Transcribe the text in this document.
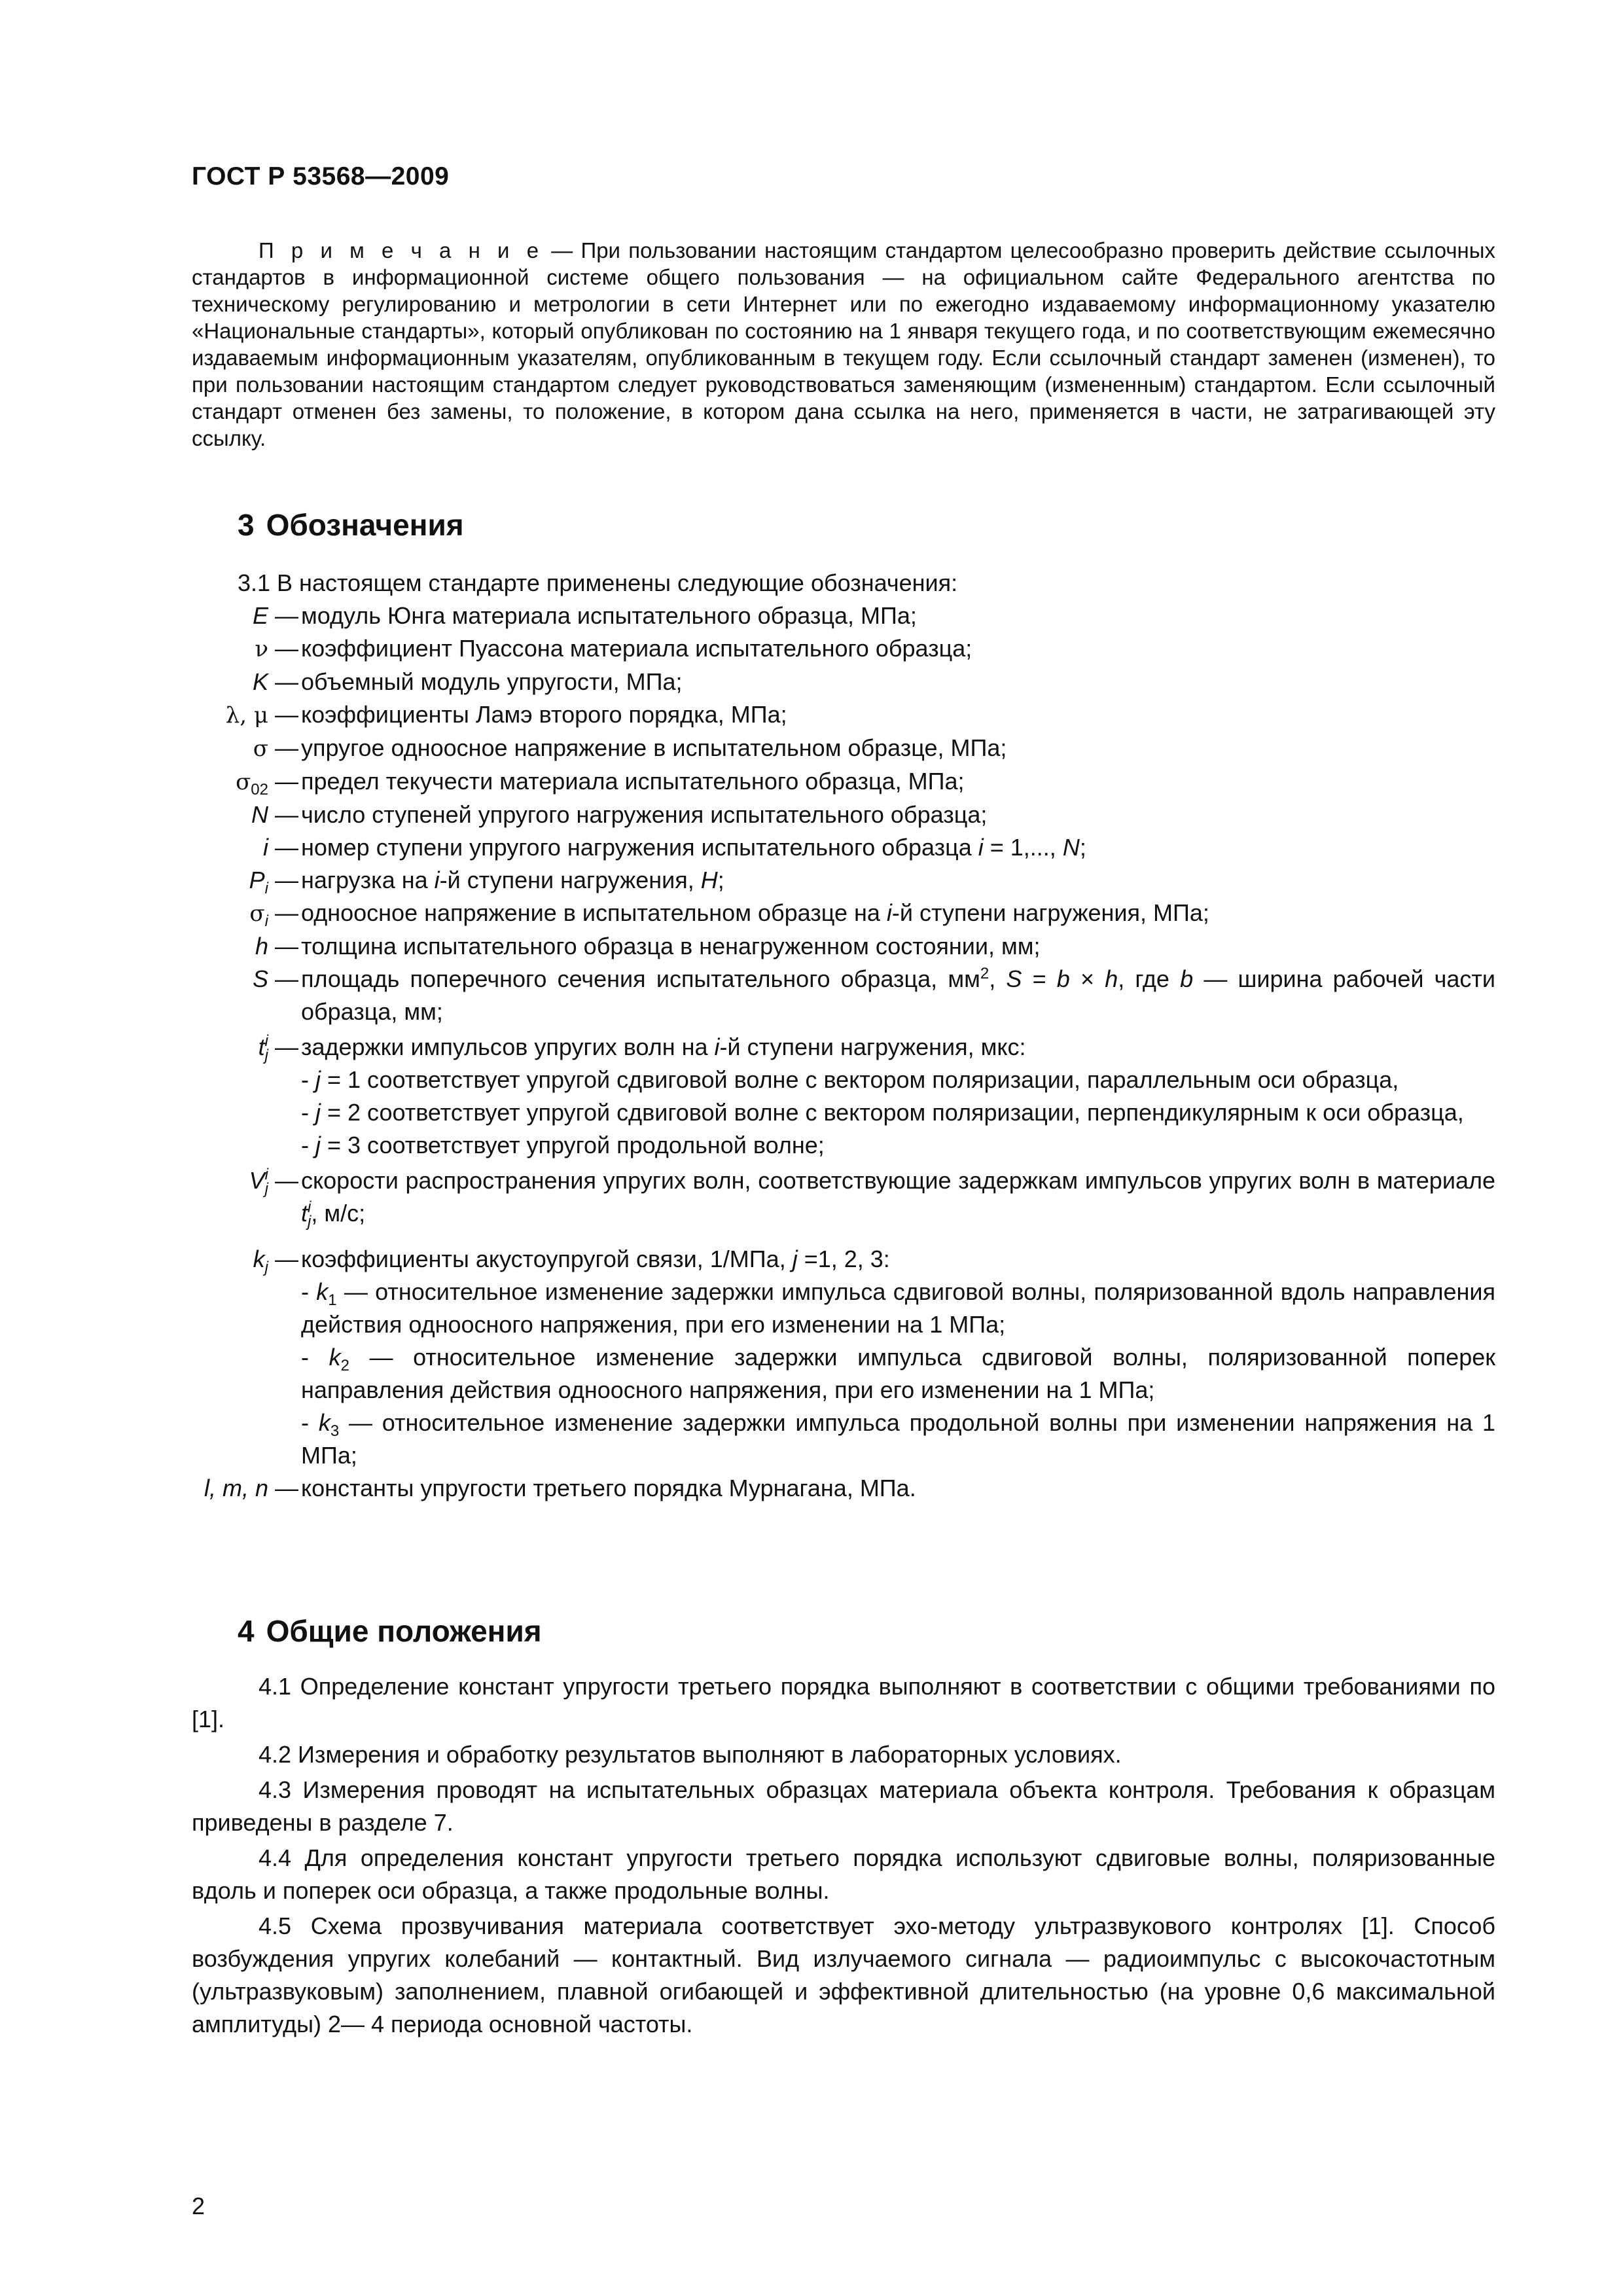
ГОСТ Р 53568—2009
П р и м е ч а н и е — При пользовании настоящим стандартом целесообразно проверить действие ссылочных стандартов в информационной системе общего пользования — на официальном сайте Федерального агентства по техническому регулированию и метрологии в сети Интернет или по ежегодно издаваемому информационному указателю «Национальные стандарты», который опубликован по состоянию на 1 января текущего года, и по соответствующим ежемесячно издаваемым информационным указателям, опубликованным в текущем году. Если ссылочный стандарт заменен (изменен), то при пользовании настоящим стандартом следует руководствоваться заменяющим (измененным) стандартом. Если ссылочный стандарт отменен без замены, то положение, в котором дана ссылка на него, применяется в части, не затрагивающей эту ссылку.
3 Обозначения
3.1 В настоящем стандарте применены следующие обозначения:
E — модуль Юнга материала испытательного образца, МПа;
ν — коэффициент Пуассона материала испытательного образца;
K — объемный модуль упругости, МПа;
λ, μ — коэффициенты Ламэ второго порядка, МПа;
σ — упругое одноосное напряжение в испытательном образце, МПа;
$\sigma_{02}$ — предел текучести материала испытательного образца, МПа;
N — число ступеней упругого нагружения испытательного образца;
i — номер ступени упругого нагружения испытательного образца i = 1,..., N;
$P_i$ — нагрузка на i-й ступени нагружения, Н;
$\sigma_i$ — одноосное напряжение в испытательном образце на i-й ступени нагружения, МПа;
h — толщина испытательного образца в ненагруженном состоянии, мм;
S — площадь поперечного сечения испытательного образца, $мм^2$, S = b × h, где b — ширина рабочей части образца, мм;
t i
j — задержки импульсов упругих волн на i-й ступени нагружения, мкс:
- j = 1 соответствует упругой сдвиговой волне с вектором поляризации, параллельным оси образца,
- j = 2 соответствует упругой сдвиговой волне с вектором поляризации, перпендикулярным к оси образца,
- j = 3 соответствует упругой продольной волне;
V i
j — скорости распространения упругих волн, соответствующие задержкам импульсов упругих волн в материале t i
j , м/с;
$k_j$ — коэффициенты акустоупругой связи, 1/МПа, j =1, 2, 3:
- $k_1$ — относительное изменение задержки импульса сдвиговой волны, поляризованной вдоль направления действия одноосного напряжения, при его изменении на 1 МПа;
- $k_2$ — относительное изменение задержки импульса сдвиговой волны, поляризованной поперек направления действия одноосного напряжения, при его изменении на 1 МПа;
- $k_3$ — относительное изменение задержки импульса продольной волны при изменении напряжения на 1 МПа;
l, m, n — константы упругости третьего порядка Мурнагана, МПа.
4 Общие положения
4.1 Определение констант упругости третьего порядка выполняют в соответствии с общими требованиями по [1].
4.2 Измерения и обработку результатов выполняют в лабораторных условиях.
4.3 Измерения проводят на испытательных образцах материала объекта контроля. Требования к образцам приведены в разделе 7.
4.4 Для определения констант упругости третьего порядка используют сдвиговые волны, поляризованные вдоль и поперек оси образца, а также продольные волны.
4.5 Схема прозвучивания материала соответствует эхо-методу ультразвукового контролях [1]. Способ возбуждения упругих колебаний — контактный. Вид излучаемого сигнала — радиоимпульс с высокочастотным (ультразвуковым) заполнением, плавной огибающей и эффективной длительностью (на уровне 0,6 максимальной амплитуды) 2— 4 периода основной частоты.
2
